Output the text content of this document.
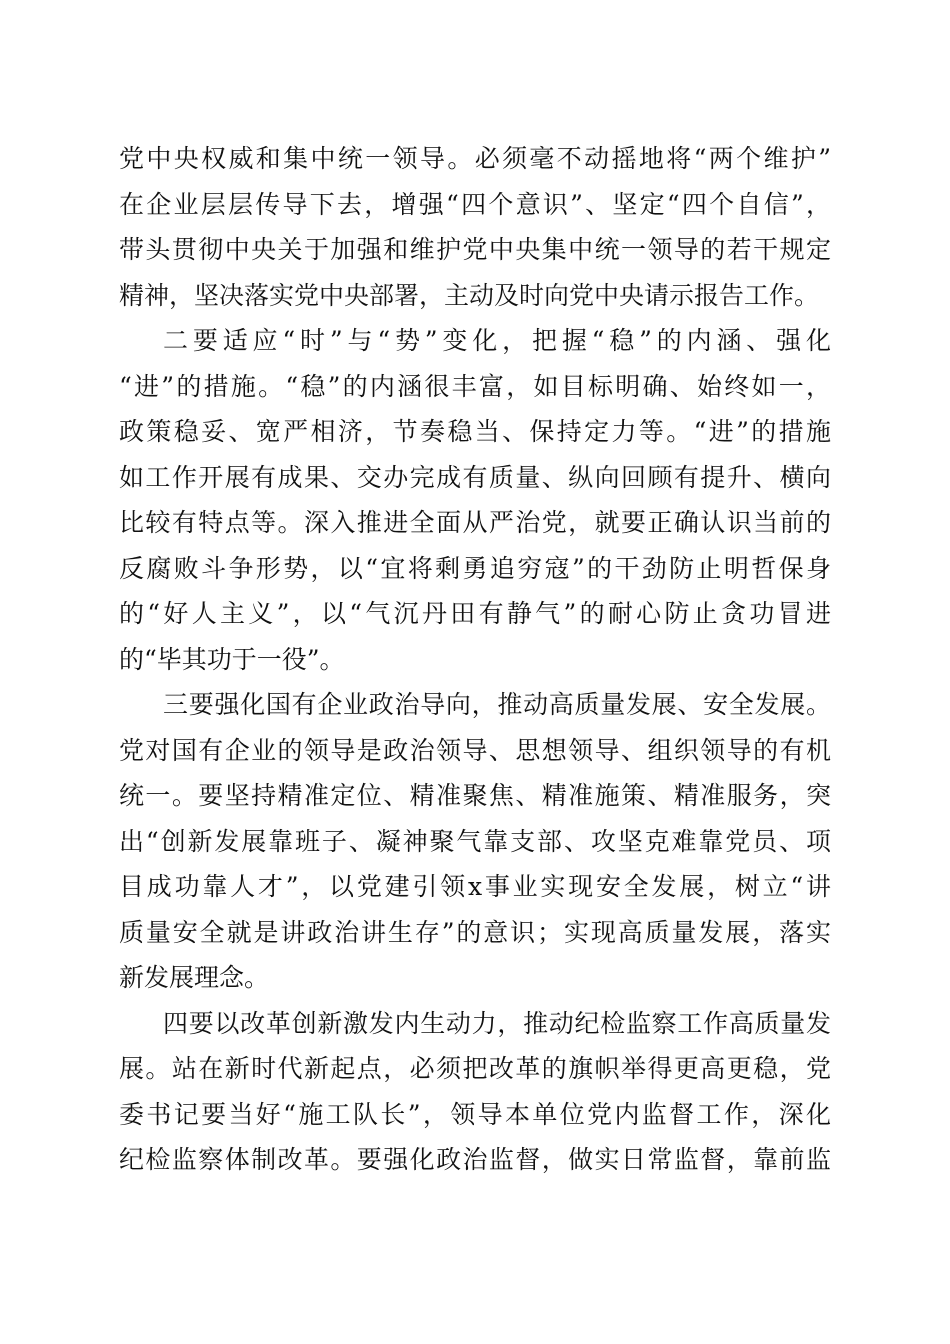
党中央权威和集中统一领导。必须毫不动摇地将“两个维护”
在企业层层传导下去，增强“四个意识”、坚定“四个自信”，
带头贯彻中央关于加强和维护党中央集中统一领导的若干规定
精神，坚决落实党中央部署，主动及时向党中央请示报告工作。
二要适应“时”与“势”变化，把握“稳”的内涵、强化
“进”的措施。“稳”的内涵很丰富，如目标明确、始终如一，
政策稳妥、宽严相济，节奏稳当、保持定力等。“进”的措施
如工作开展有成果、交办完成有质量、纵向回顾有提升、横向
比较有特点等。深入推进全面从严治党，就要正确认识当前的
反腐败斗争形势，以“宜将剩勇追穷寇”的干劲防止明哲保身
的“好人主义”，以“气沉丹田有静气”的耐心防止贪功冒进
的“毕其功于一役”。
三要强化国有企业政治导向，推动高质量发展、安全发展。
党对国有企业的领导是政治领导、思想领导、组织领导的有机
统一。要坚持精准定位、精准聚焦、精准施策、精准服务，突
出“创新发展靠班子、凝神聚气靠支部、攻坚克难靠党员、项
目成功靠人才”，以党建引领x事业实现安全发展，树立“讲
质量安全就是讲政治讲生存”的意识；实现高质量发展，落实
新发展理念。
四要以改革创新激发内生动力，推动纪检监察工作高质量发
展。站在新时代新起点，必须把改革的旗帜举得更高更稳，党
委书记要当好“施工队长”，领导本单位党内监督工作，深化
纪检监察体制改革。要强化政治监督，做实日常监督，靠前监
